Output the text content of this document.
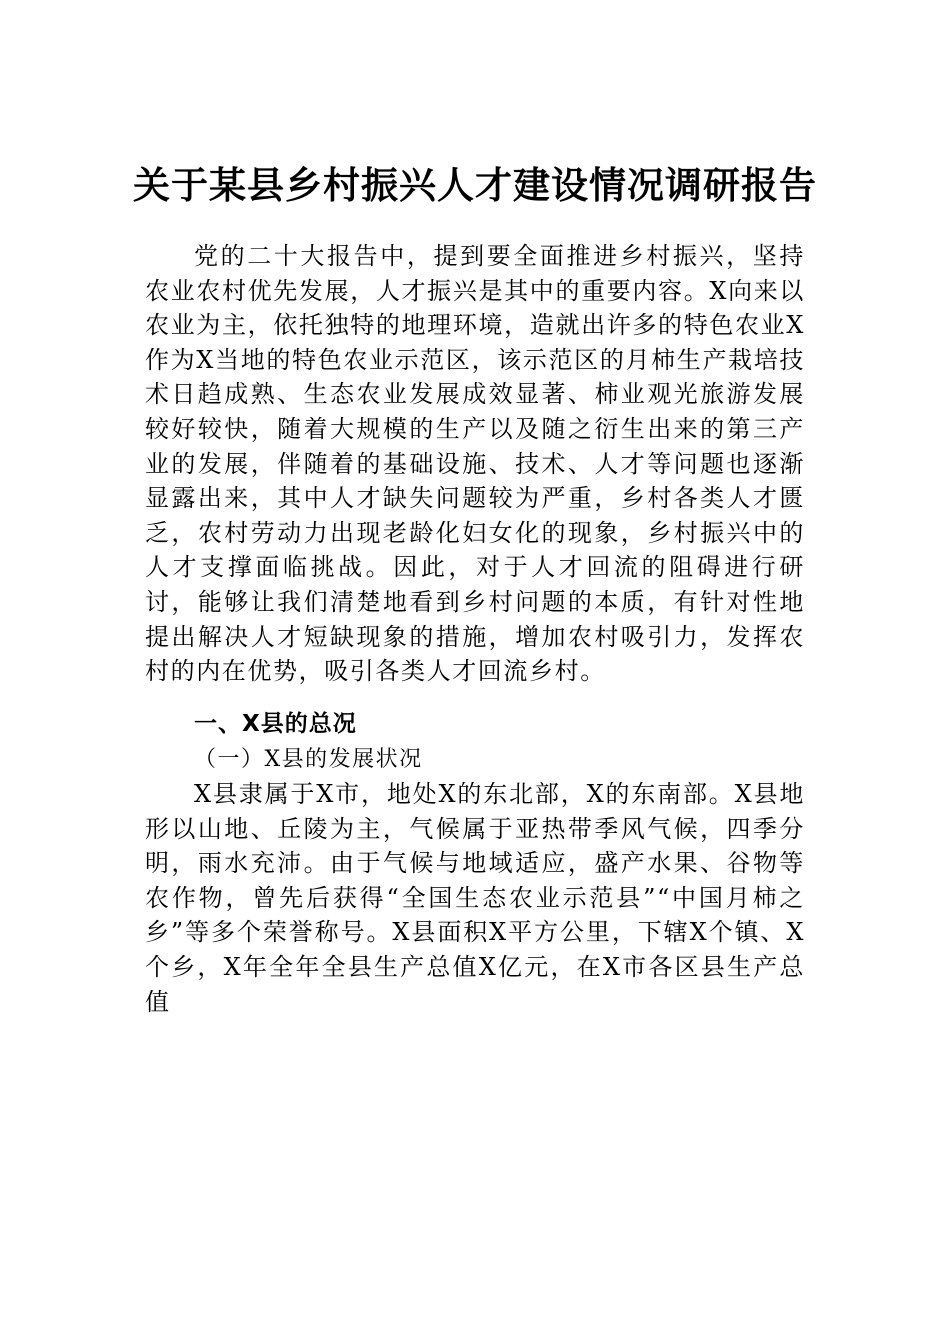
关于某县乡村振兴人才建设情况调研报告

党的二十大报告中，提到要全面推进乡村振兴，坚持农业农村优先发展，人才振兴是其中的重要内容。X向来以农业为主，依托独特的地理环境，造就出许多的特色农业X作为X当地的特色农业示范区，该示范区的月柿生产栽培技术日趋成熟、生态农业发展成效显著、柿业观光旅游发展较好较快，随着大规模的生产以及随之衍生出来的第三产业的发展，伴随着的基础设施、技术、人才等问题也逐渐显露出来，其中人才缺失问题较为严重，乡村各类人才匮乏，农村劳动力出现老龄化妇女化的现象，乡村振兴中的人才支撑面临挑战。因此，对于人才回流的阻碍进行研讨，能够让我们清楚地看到乡村问题的本质，有针对性地提出解决人才短缺现象的措施，增加农村吸引力，发挥农村的内在优势，吸引各类人才回流乡村。

一、X县的总况

（一）X县的发展状况

X县隶属于X市，地处X的东北部，X的东南部。X县地形以山地、丘陵为主，气候属于亚热带季风气候，四季分明，雨水充沛。由于气候与地域适应，盛产水果、谷物等农作物，曾先后获得“全国生态农业示范县”“中国月柿之乡”等多个荣誉称号。X县面积X平方公里，下辖X个镇、X个乡，X年全年全县生产总值X亿元，在X市各区县生产总值
